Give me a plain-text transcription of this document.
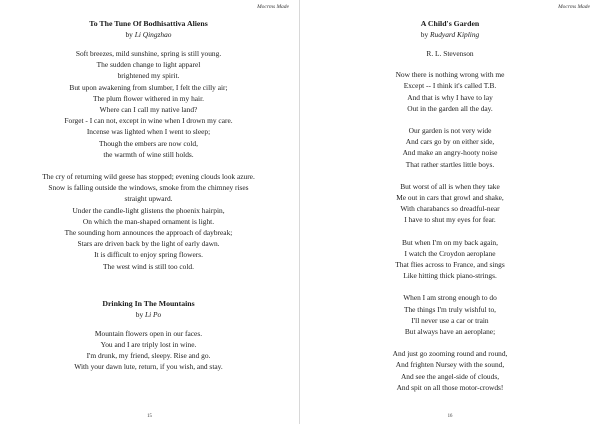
Mocrms Made
To The Tune Of Bodhisattiva Aliens
by Li Qingzhao
Soft breezes, mild sunshine, spring is still young.
The sudden change to light apparel
brightened my spirit.
But upon awakening from slumber, I felt the cilly air;
The plum flower withered in my hair.
Where can I call my native land?
Forget - I can not, except in wine when I drown my care.
Incense was lighted when I went to sleep;
Though the embers are now cold,
the warmth of wine still holds.
The cry of returning wild geese has stopped; evening clouds look azure.
Snow is falling outside the windows, smoke from the chimney rises
straight upward.
Under the candle-light glistens the phoenix hairpin,
On which the man-shaped ornament is light.
The sounding horn announces the approach of daybreak;
Stars are driven back by the light of early dawn.
It is difficult to enjoy spring flowers.
The west wind is still too cold.
Drinking In The Mountains
by Li Po
Mountain flowers open in our faces.
You and I are triply lost in wine.
I'm drunk, my friend, sleepy. Rise and go.
With your dawn lute, return, if you wish, and stay.
15
Mocrms Made
A Child's Garden
by Rudyard Kipling
R. L. Stevenson
Now there is nothing wrong with me
Except -- I think it's called T.B.
And that is why I have to lay
Out in the garden all the day.
Our garden is not very wide
And cars go by on either side,
And make an angry-hooty noise
That rather startles little boys.
But worst of all is when they take
Me out in cars that growl and shake,
With charabancs so dreadful-near
I have to shut my eyes for fear.
But when I'm on my back again,
I watch the Croydon aeroplane
That flies across to France, and sings
Like hitting thick piano-strings.
When I am strong enough to do
The things I'm truly wishful to,
I'll never use a car or train
But always have an aeroplane;
And just go zooming round and round,
And frighten Nursey with the sound,
And see the angel-side of clouds,
And spit on all those motor-crowds!
16
